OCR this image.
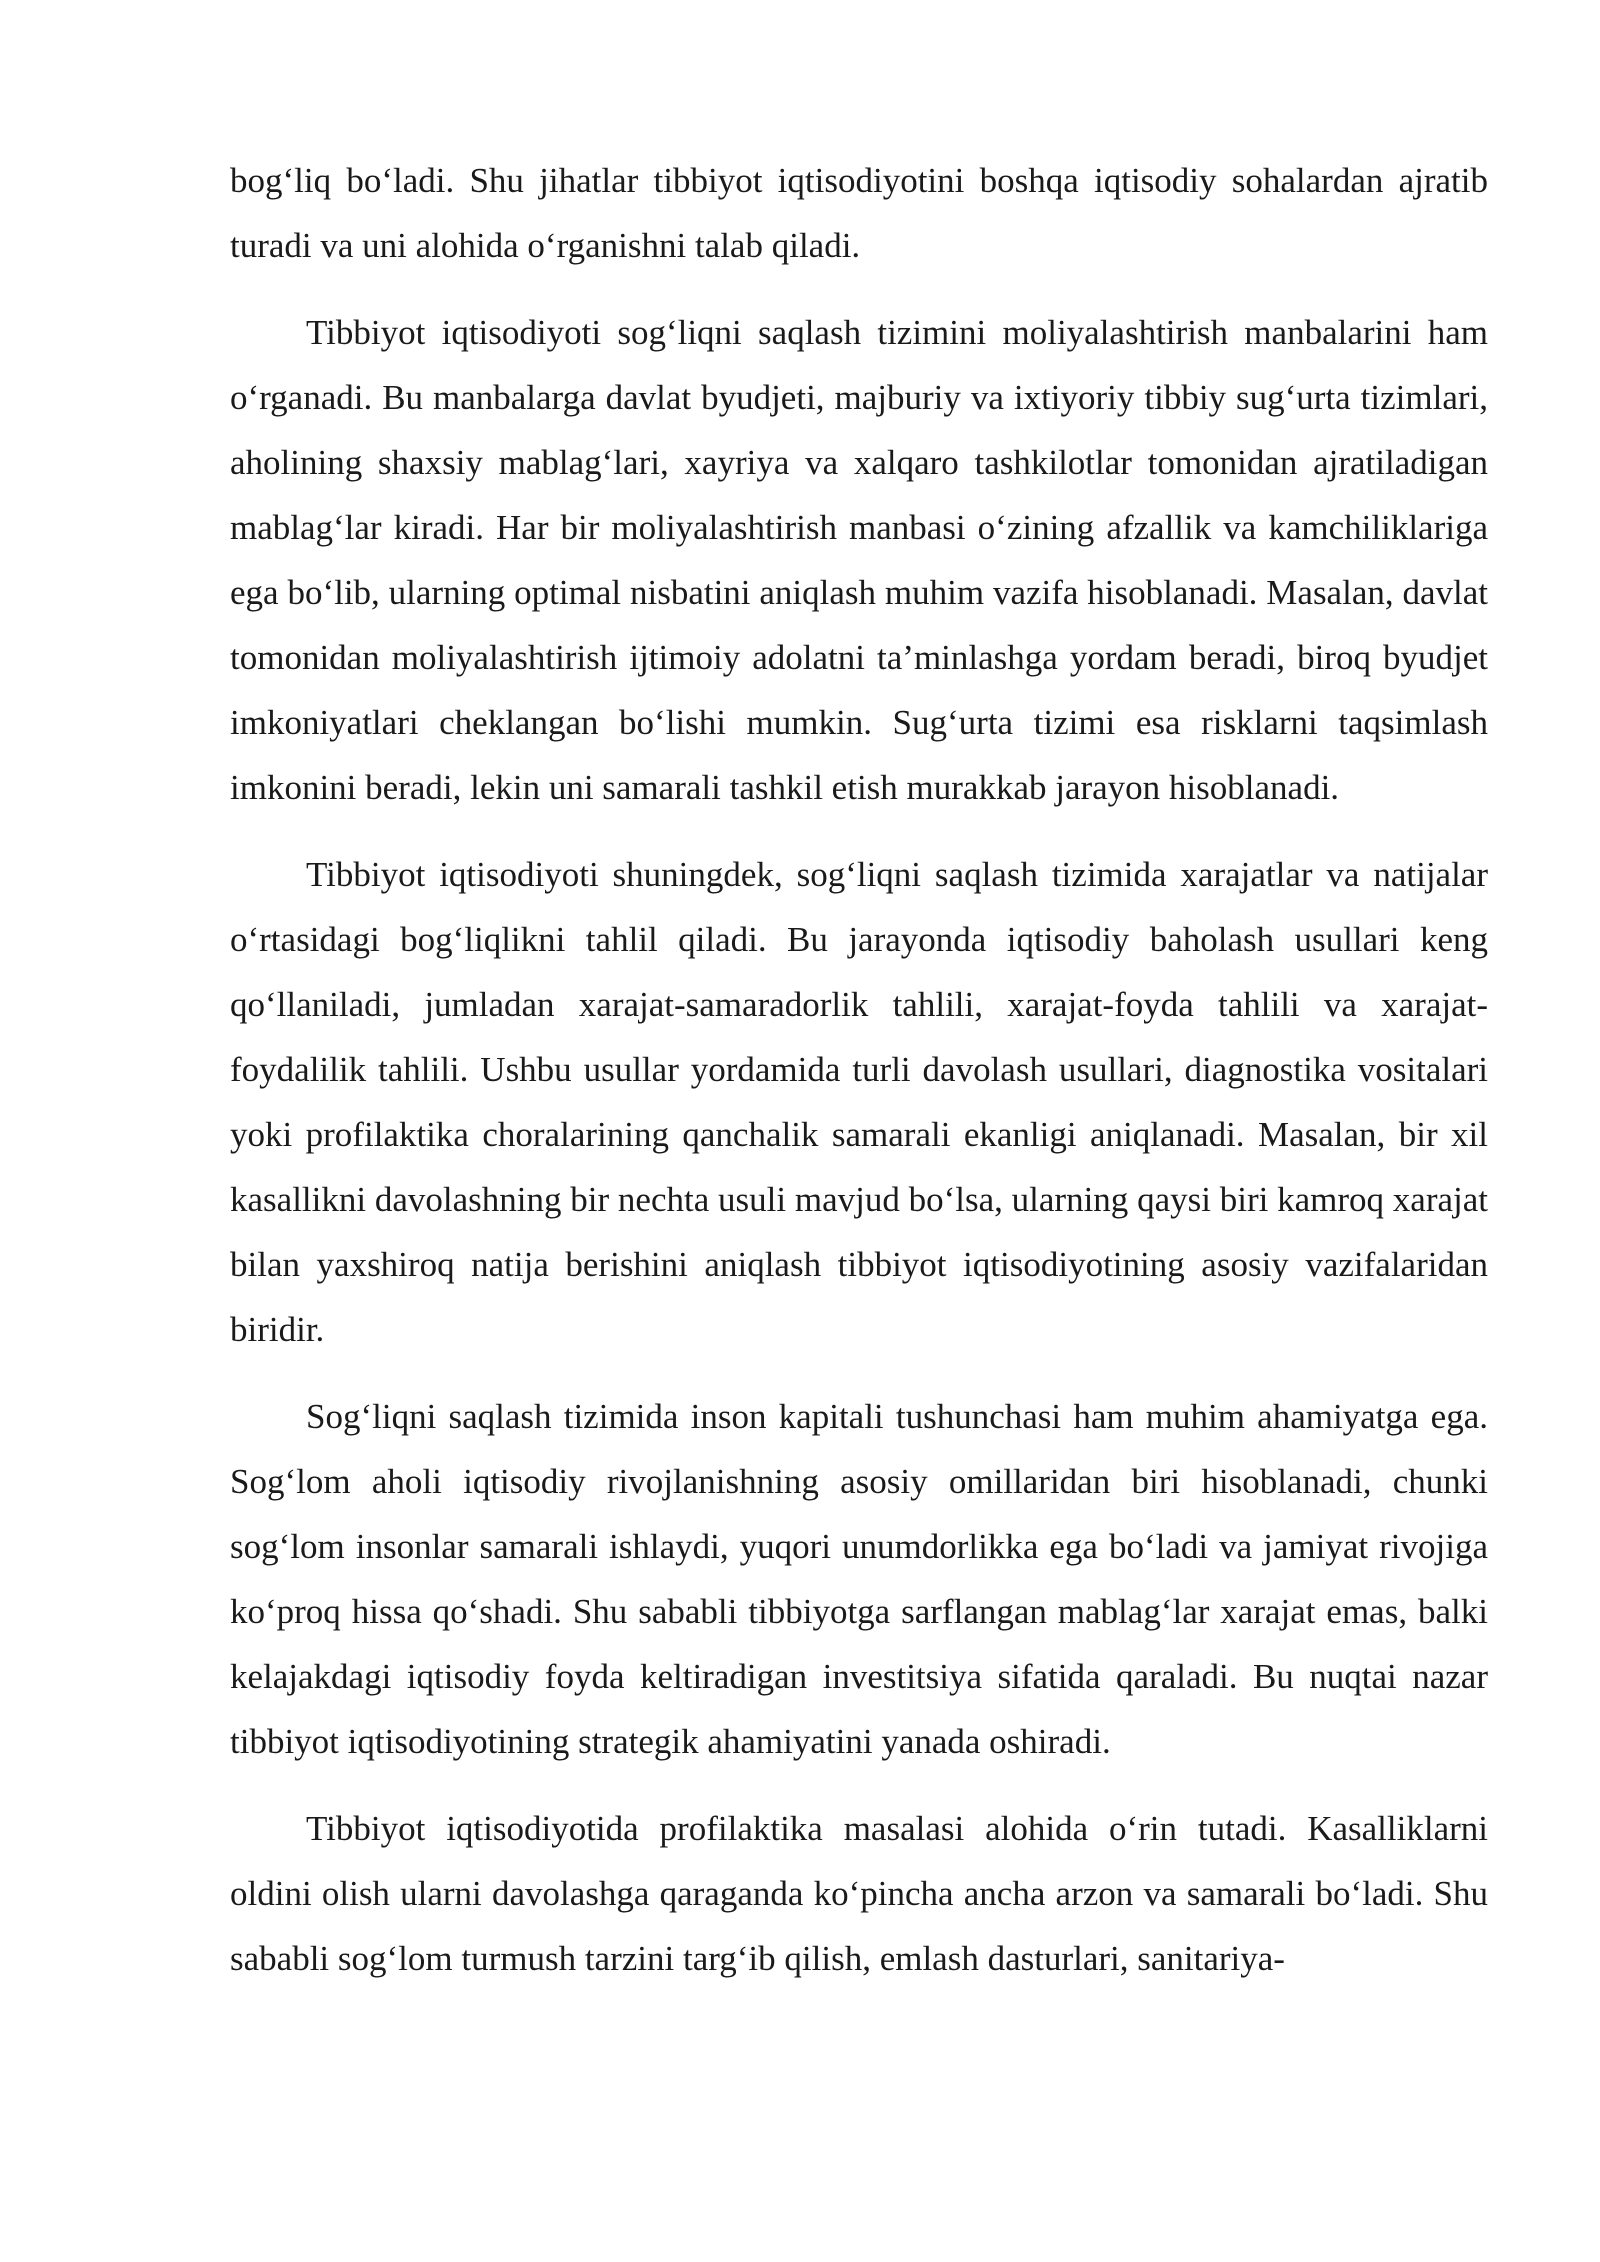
bog‘liq bo‘ladi. Shu jihatlar tibbiyot iqtisodiyotini boshqa iqtisodiy sohalardan ajratib turadi va uni alohida o‘rganishni talab qiladi.

Tibbiyot iqtisodiyoti sog‘liqni saqlash tizimini moliyalashtirish manbalarini ham o‘rganadi. Bu manbalarga davlat byudjeti, majburiy va ixtiyoriy tibbiy sug‘urta tizimlari, aholining shaxsiy mablag‘lari, xayriya va xalqaro tashkilotlar tomonidan ajratiladigan mablag‘lar kiradi. Har bir moliyalashtirish manbasi o‘zining afzallik va kamchiliklariga ega bo‘lib, ularning optimal nisbatini aniqlash muhim vazifa hisoblanadi. Masalan, davlat tomonidan moliyalashtirish ijtimoiy adolatni ta’minlashga yordam beradi, biroq byudjet imkoniyatlari cheklangan bo‘lishi mumkin. Sug‘urta tizimi esa risklarni taqsimlash imkonini beradi, lekin uni samarali tashkil etish murakkab jarayon hisoblanadi.

Tibbiyot iqtisodiyoti shuningdek, sog‘liqni saqlash tizimida xarajatlar va natijalar o‘rtasidagi bog‘liqlikni tahlil qiladi. Bu jarayonda iqtisodiy baholash usullari keng qo‘llaniladi, jumladan xarajat-samaradorlik tahlili, xarajat-foyda tahlili va xarajat-foydalilik tahlili. Ushbu usullar yordamida turli davolash usullari, diagnostika vositalari yoki profilaktika choralarining qanchalik samarali ekanligi aniqlanadi. Masalan, bir xil kasallikni davolashning bir nechta usuli mavjud bo‘lsa, ularning qaysi biri kamroq xarajat bilan yaxshiroq natija berishini aniqlash tibbiyot iqtisodiyotining asosiy vazifalaridan biridir.

Sog‘liqni saqlash tizimida inson kapitali tushunchasi ham muhim ahamiyatga ega. Sog‘lom aholi iqtisodiy rivojlanishning asosiy omillaridan biri hisoblanadi, chunki sog‘lom insonlar samarali ishlaydi, yuqori unumdorlikka ega bo‘ladi va jamiyat rivojiga ko‘proq hissa qo‘shadi. Shu sababli tibbiyotga sarflangan mablag‘lar xarajat emas, balki kelajakdagi iqtisodiy foyda keltiradigan investitsiya sifatida qaraladi. Bu nuqtai nazar tibbiyot iqtisodiyotining strategik ahamiyatini yanada oshiradi.

Tibbiyot iqtisodiyotida profilaktika masalasi alohida o‘rin tutadi. Kasalliklarni oldini olish ularni davolashga qaraganda ko‘pincha ancha arzon va samarali bo‘ladi. Shu sababli sog‘lom turmush tarzini targ‘ib qilish, emlash dasturlari, sanitariya-
